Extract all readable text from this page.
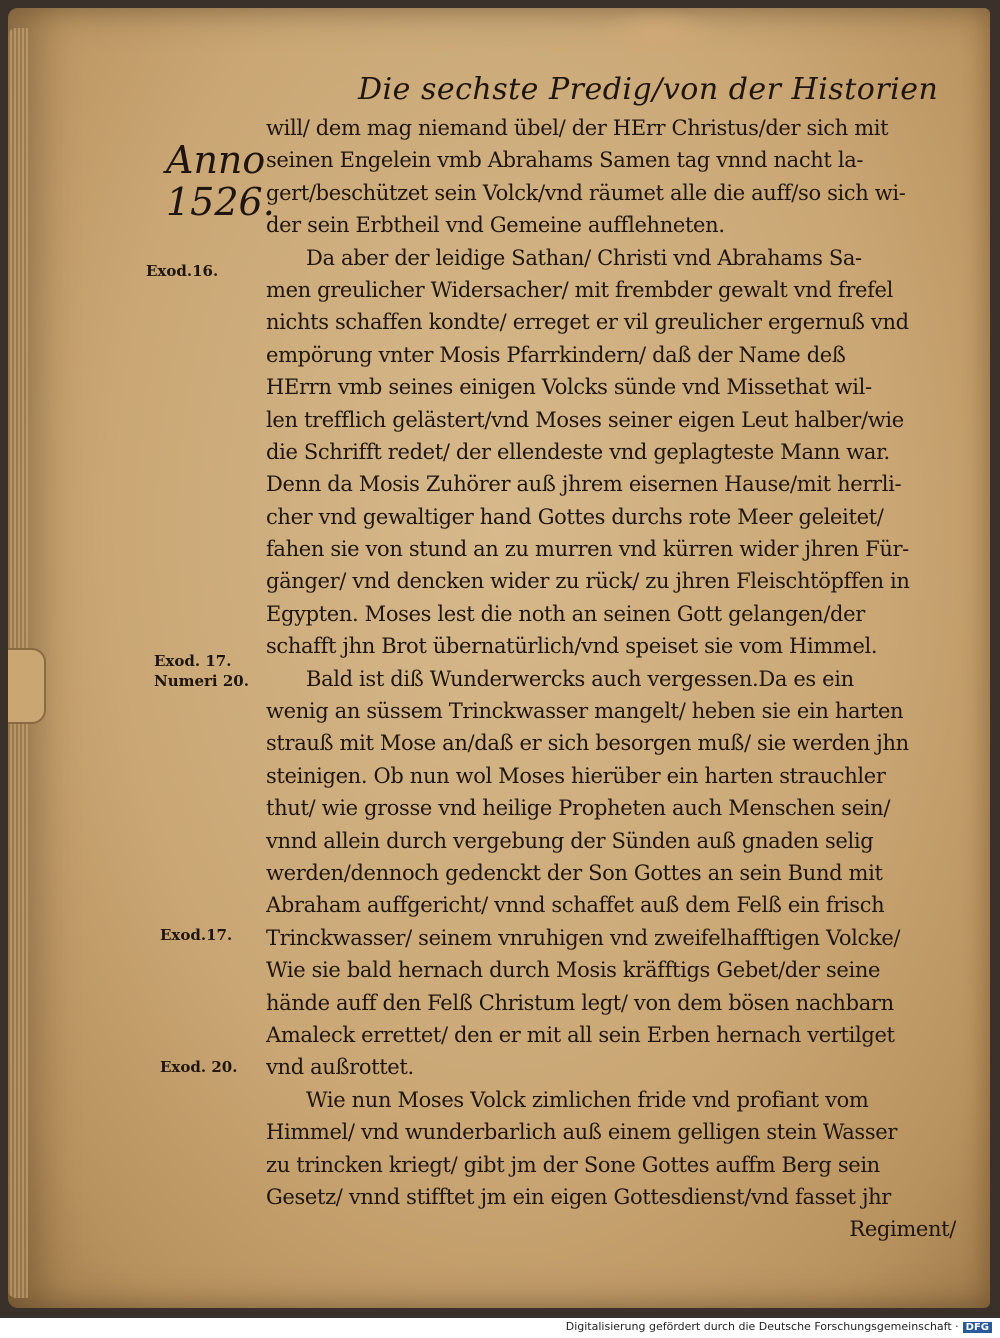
Die sechste Predig/von der Historien
Anno
1526.
Exod.16.
Exod. 17.
Numeri 20.
Exod.17.
Exod. 20.
will/ dem mag niemand übel/ der HErr Christus/der sich mit
seinen Engelein vmb Abrahams Samen tag vnnd nacht la-
gert/beschützet sein Volck/vnd räumet alle die auff/so sich wi-
der sein Erbtheil vnd Gemeine aufflehneten.
Da aber der leidige Sathan/ Christi vnd Abrahams Sa-
men greulicher Widersacher/ mit frembder gewalt vnd frefel
nichts schaffen kondte/ erreget er vil greulicher ergernuß vnd
empörung vnter Mosis Pfarrkindern/ daß der Name deß
HErrn vmb seines einigen Volcks sünde vnd Missethat wil-
len trefflich gelästert/vnd Moses seiner eigen Leut halber/wie
die Schrifft redet/ der ellendeste vnd geplagteste Mann war.
Denn da Mosis Zuhörer auß jhrem eisernen Hause/mit herrli-
cher vnd gewaltiger hand Gottes durchs rote Meer geleitet/
fahen sie von stund an zu murren vnd kürren wider jhren Für-
gänger/ vnd dencken wider zu rück/ zu jhren Fleischtöpffen in
Egypten. Moses lest die noth an seinen Gott gelangen/der
schafft jhn Brot übernatürlich/vnd speiset sie vom Himmel.
Bald ist diß Wunderwercks auch vergessen.Da es ein
wenig an süssem Trinckwasser mangelt/ heben sie ein harten
strauß mit Mose an/daß er sich besorgen muß/ sie werden jhn
steinigen. Ob nun wol Moses hierüber ein harten strauchler
thut/ wie grosse vnd heilige Propheten auch Menschen sein/
vnnd allein durch vergebung der Sünden auß gnaden selig
werden/dennoch gedenckt der Son Gottes an sein Bund mit
Abraham auffgericht/ vnnd schaffet auß dem Felß ein frisch
Trinckwasser/ seinem vnruhigen vnd zweifelhafftigen Volcke/
Wie sie bald hernach durch Mosis kräfftigs Gebet/der seine
hände auff den Felß Christum legt/ von dem bösen nachbarn
Amaleck errettet/ den er mit all sein Erben hernach vertilget
vnd außrottet.
Wie nun Moses Volck zimlichen fride vnd profiant vom
Himmel/ vnd wunderbarlich auß einem gelligen stein Wasser
zu trincken kriegt/ gibt jm der Sone Gottes auffm Berg sein
Gesetz/ vnnd stifftet jm ein eigen Gottesdienst/vnd fasset jhr
Regiment/
Digitalisierung gefördert durch die Deutsche Forschungsgemeinschaft · DFG
